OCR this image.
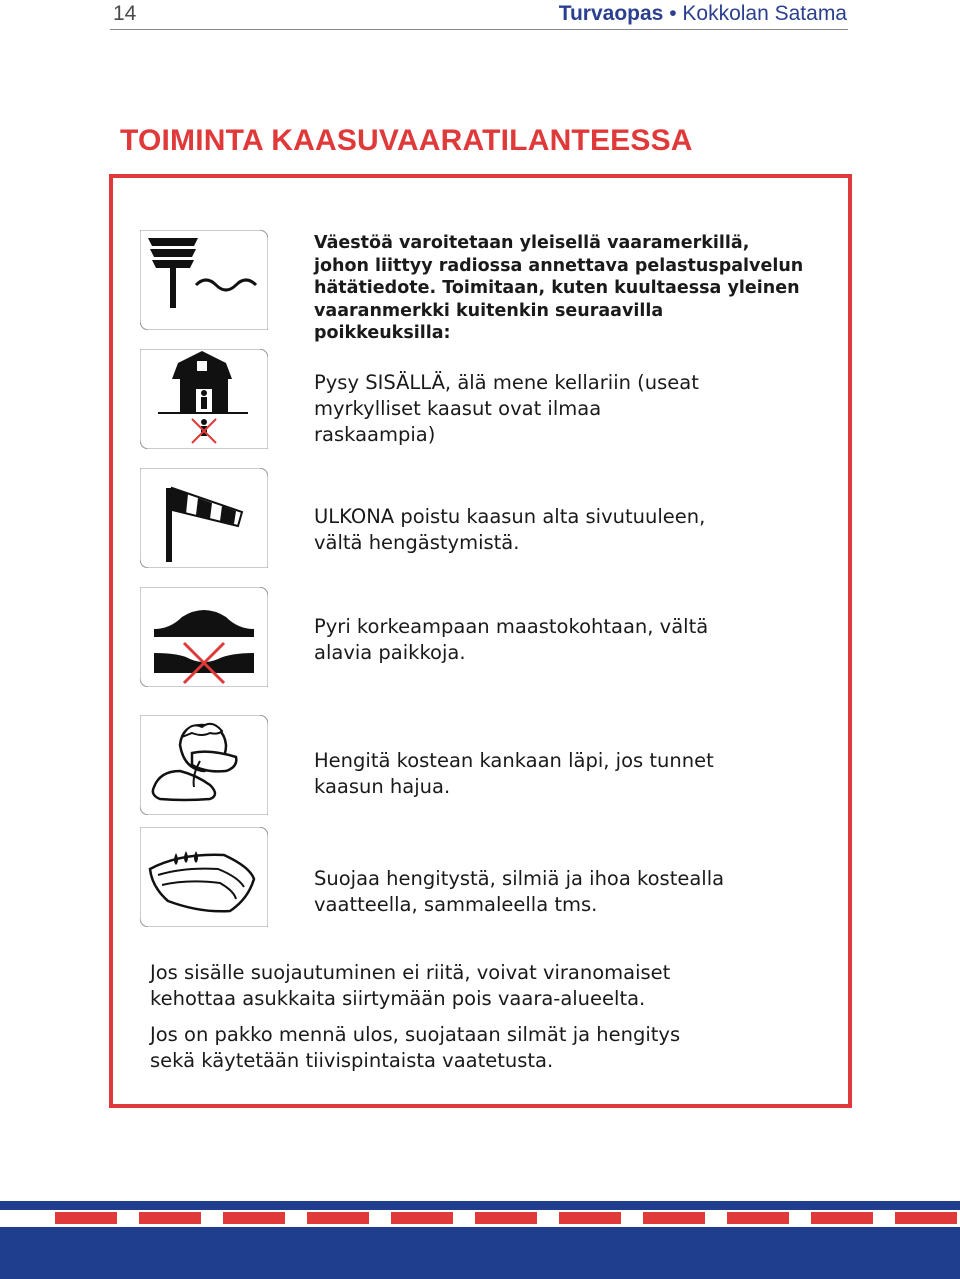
14	Turvaopas • Kokkolan Satama
TOIMINTA KAASUVAARATILANTEESSA
Väestöä varoitetaan yleisellä vaaramerkillä,
johon liittyy radiossa annettava pelastuspalvelun
hätätiedote. Toimitaan, kuten kuultaessa yleinen
vaaranmerkki kuitenkin seuraavilla
poikkeuksilla:
Pysy SISÄLLÄ, älä mene kellariin (useat
myrkylliset kaasut ovat ilmaa
raskaampia)
ULKONA poistu kaasun alta sivutuuleen,
vältä hengästymistä.
Pyri korkeampaan maastokohtaan, vältä
alavia paikkoja.
Hengitä kostean kankaan läpi, jos tunnet
kaasun hajua.
Suojaa hengitystä, silmiä ja ihoa kostealla
vaatteella, sammaleella tms.
Jos sisälle suojautuminen ei riitä, voivat viranomaiset
kehottaa asukkaita siirtymään pois vaara-alueelta.
Jos on pakko mennä ulos, suojataan silmät ja hengitys
sekä käytetään tiivispintaista vaatetusta.
